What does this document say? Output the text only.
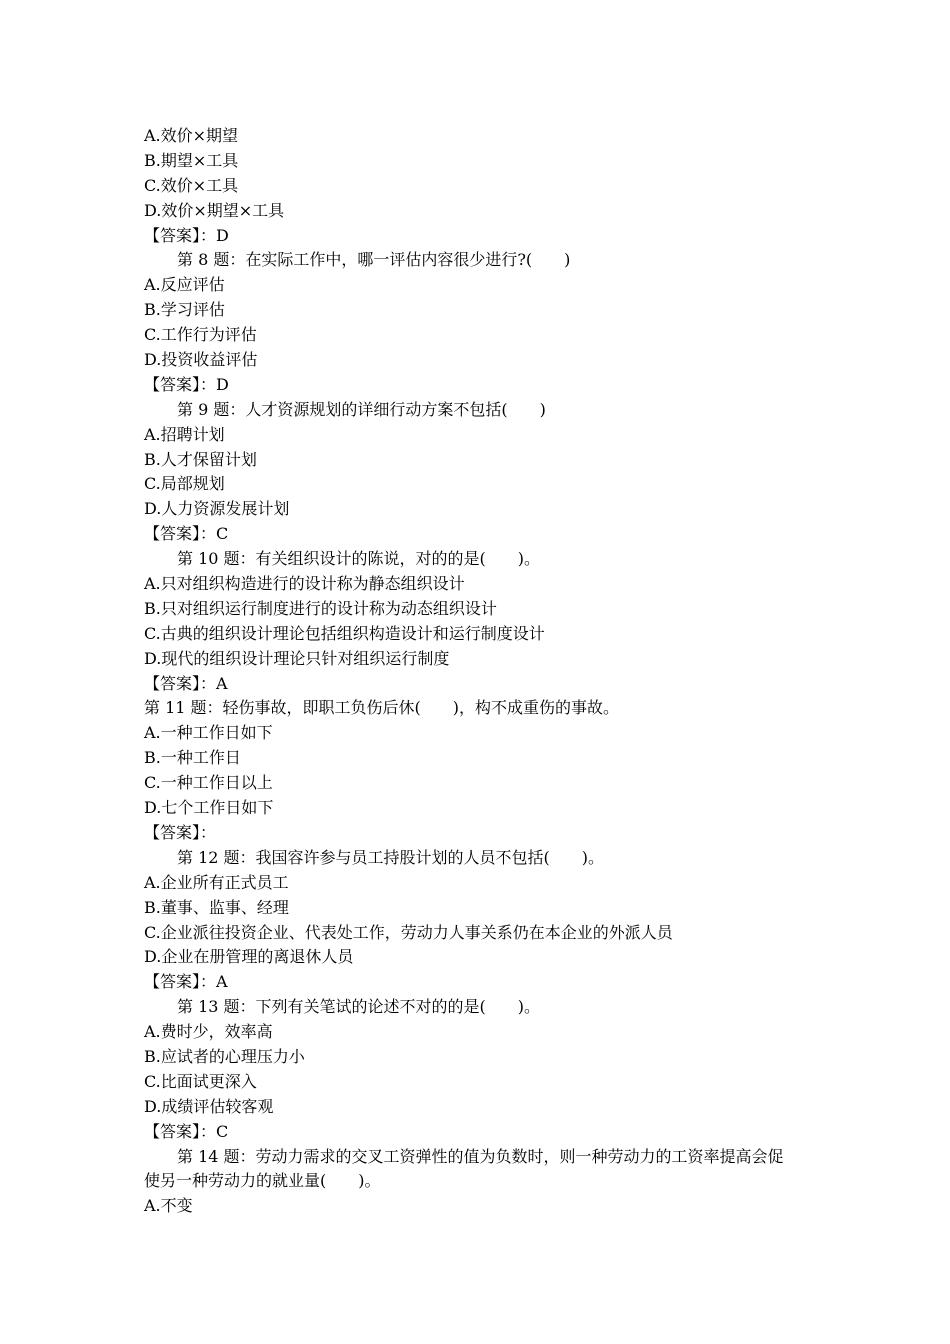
A.效价×期望
B.期望×工具
C.效价×工具
D.效价×期望×工具
【答案】：D
第 8 题：在实际工作中，哪一评估内容很少进行?(　　)
A.反应评估
B.学习评估
C.工作行为评估
D.投资收益评估
【答案】：D
第 9 题：人才资源规划的详细行动方案不包括(　　)
A.招聘计划
B.人才保留计划
C.局部规划
D.人力资源发展计划
【答案】：C
第 10 题：有关组织设计的陈说，对的的是(　　)。
A.只对组织构造进行的设计称为静态组织设计
B.只对组织运行制度进行的设计称为动态组织设计
C.古典的组织设计理论包括组织构造设计和运行制度设计
D.现代的组织设计理论只针对组织运行制度
【答案】：A
第 11 题：轻伤事故，即职工负伤后休(　　)，构不成重伤的事故。
A.一种工作日如下
B.一种工作日
C.一种工作日以上
D.七个工作日如下
【答案】：
第 12 题：我国容许参与员工持股计划的人员不包括(　　)。
A.企业所有正式员工
B.董事、监事、经理
C.企业派往投资企业、代表处工作，劳动力人事关系仍在本企业的外派人员
D.企业在册管理的离退休人员
【答案】：A
第 13 题：下列有关笔试的论述不对的的是(　　)。
A.费时少，效率高
B.应试者的心理压力小
C.比面试更深入
D.成绩评估较客观
【答案】：C
第 14 题：劳动力需求的交叉工资弹性的值为负数时，则一种劳动力的工资率提高会促
使另一种劳动力的就业量(　　)。
A.不变
